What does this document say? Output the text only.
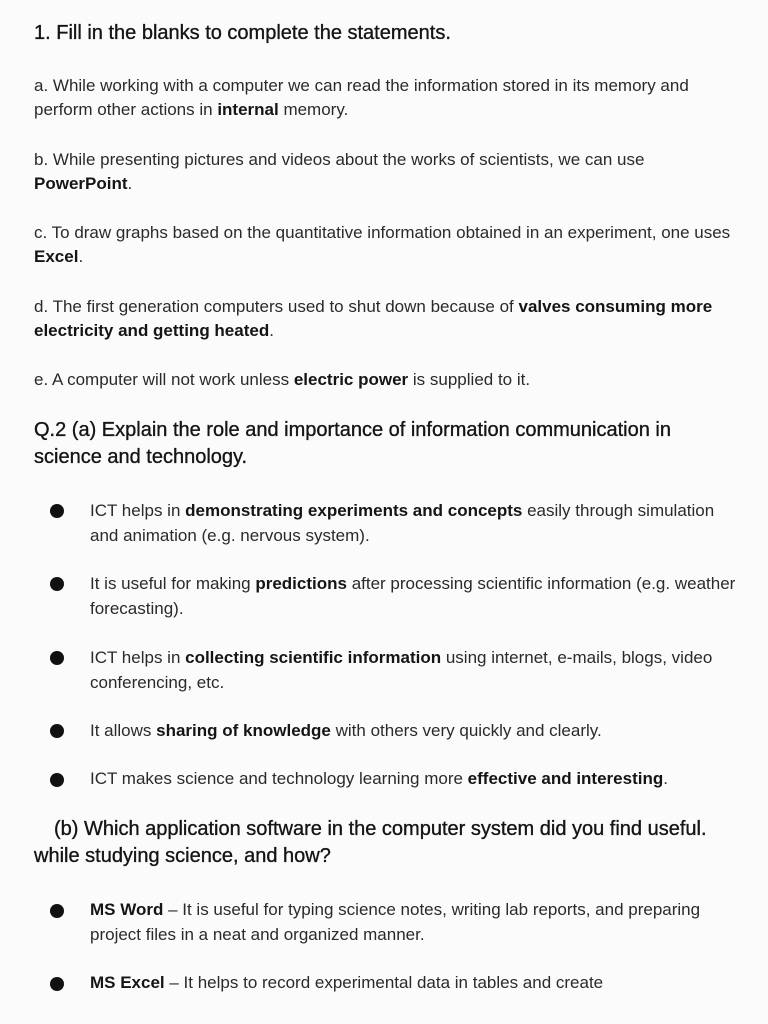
1. Fill in the blanks to complete the statements.
a. While working with a computer we can read the information stored in its memory and perform other actions in internal memory.
b. While presenting pictures and videos about the works of scientists, we can use PowerPoint.
c. To draw graphs based on the quantitative information obtained in an experiment, one uses Excel.
d. The first generation computers used to shut down because of valves consuming more electricity and getting heated.
e. A computer will not work unless electric power is supplied to it.
Q.2 (a) Explain the role and importance of information communication in science and technology.
ICT helps in demonstrating experiments and concepts easily through simulation and animation (e.g. nervous system).
It is useful for making predictions after processing scientific information (e.g. weather forecasting).
ICT helps in collecting scientific information using internet, e-mails, blogs, video conferencing, etc.
It allows sharing of knowledge with others very quickly and clearly.
ICT makes science and technology learning more effective and interesting.
(b) Which application software in the computer system did you find useful. while studying science, and how?
MS Word – It is useful for typing science notes, writing lab reports, and preparing project files in a neat and organized manner.
MS Excel – It helps to record experimental data in tables and create
